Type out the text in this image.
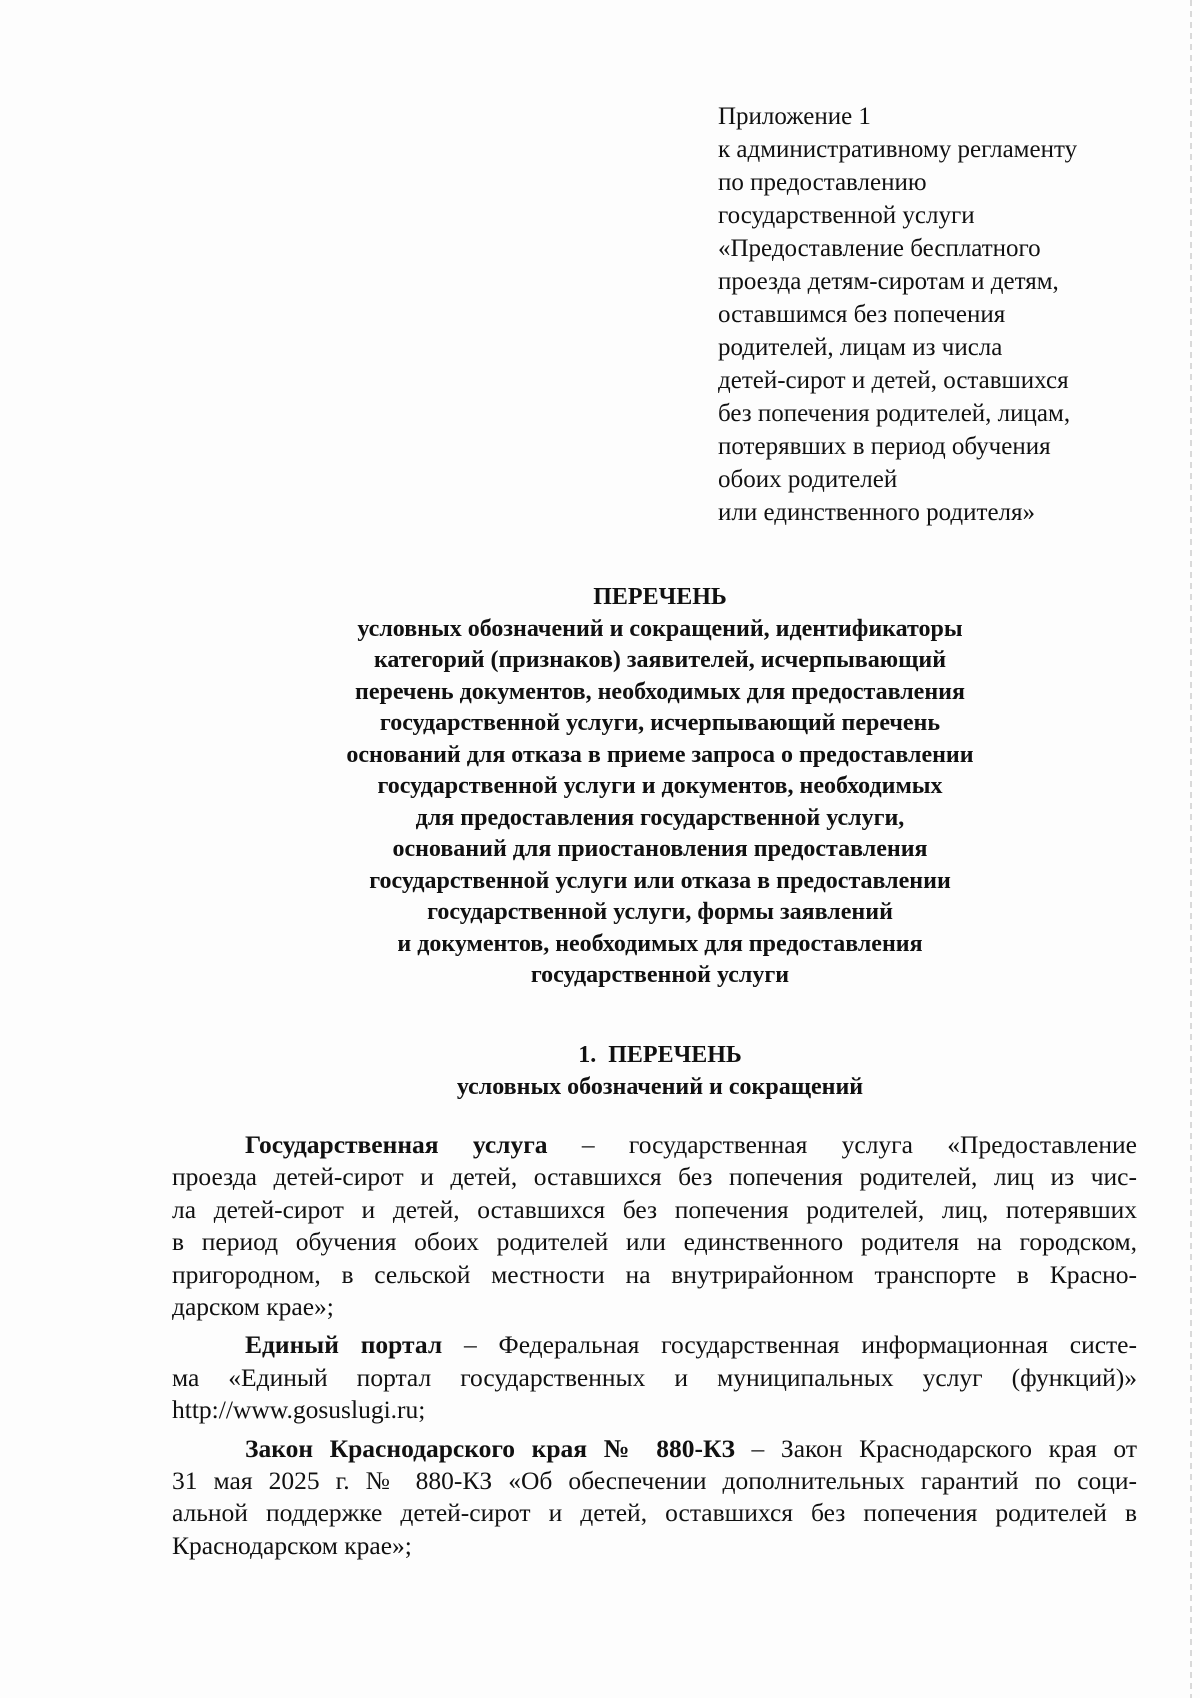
Приложение 1
к административному регламенту
по предоставлению
государственной услуги
«Предоставление бесплатного
проезда детям-сиротам и детям,
оставшимся без попечения
родителей, лицам из числа
детей-сирот и детей, оставшихся
без попечения родителей, лицам,
потерявших в период обучения
обоих родителей
или единственного родителя»
ПЕРЕЧЕНЬ
условных обозначений и сокращений, идентификаторы
категорий (признаков) заявителей, исчерпывающий
перечень документов, необходимых для предоставления
государственной услуги, исчерпывающий перечень
оснований для отказа в приеме запроса о предоставлении
государственной услуги и документов, необходимых
для предоставления государственной услуги,
оснований для приостановления предоставления
государственной услуги или отказа в предоставлении
государственной услуги, формы заявлений
и документов, необходимых для предоставления
государственной услуги
1. ПЕРЕЧЕНЬ
условных обозначений и сокращений
Государственная услуга – государственная услуга «Предоставление
проезда детей-сирот и детей, оставшихся без попечения родителей, лиц из чис-
ла детей-сирот и детей, оставшихся без попечения родителей, лиц, потерявших
в период обучения обоих родителей или единственного родителя на городском,
пригородном, в сельской местности на внутрирайонном транспорте в Красно-
дарском крае»;
Единый портал – Федеральная государственная информационная систе-
ма «Единый портал государственных и муниципальных услуг (функций)»
http://www.gosuslugi.ru;
Закон Краснодарского края № 880-КЗ – Закон Краснодарского края от
31 мая 2025 г. № 880-КЗ «Об обеспечении дополнительных гарантий по соци-
альной поддержке детей-сирот и детей, оставшихся без попечения родителей в
Краснодарском крае»;
